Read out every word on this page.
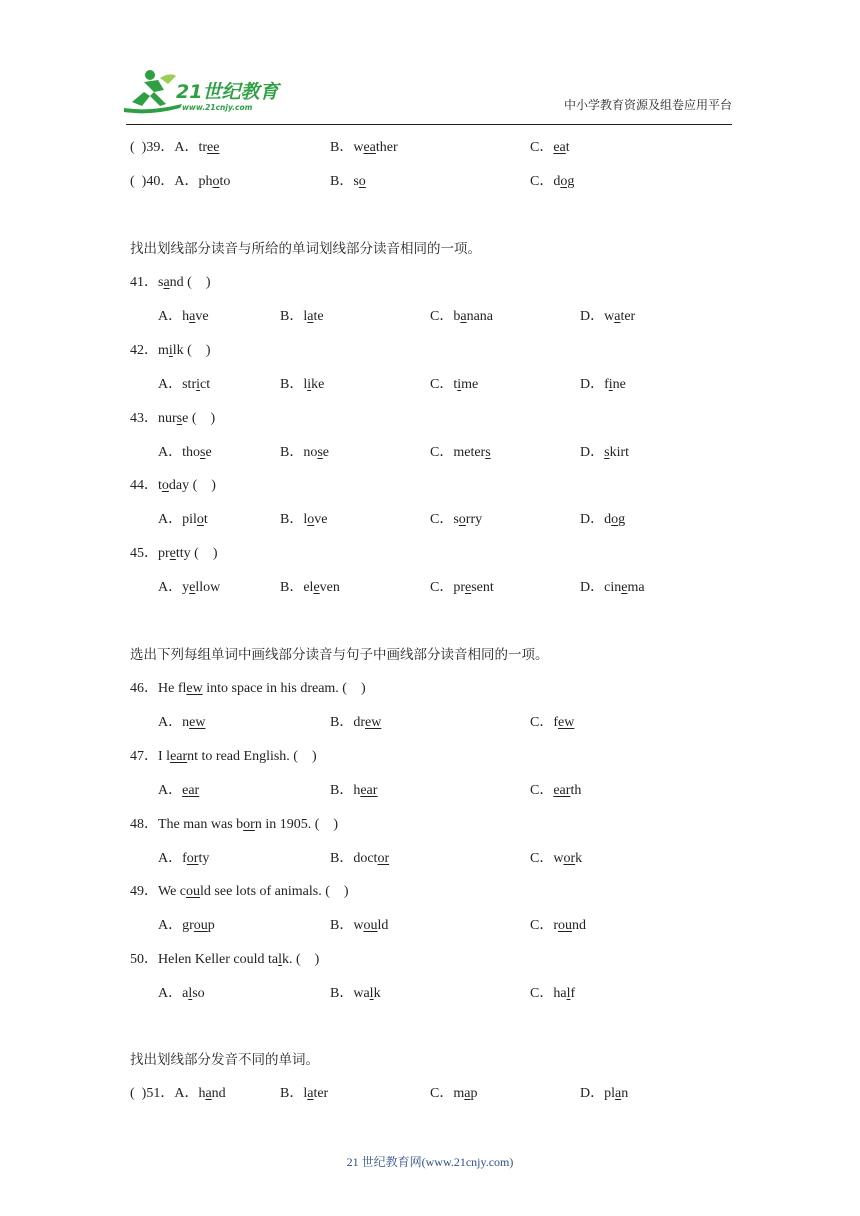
21世纪教育
www.21cnjy.com	中小学教育资源及组卷应用平台
( )39．A．tree	B．weather	C．eat
( )40．A．photo	B．so	C．dog
找出划线部分读音与所给的单词划线部分读音相同的一项。
选出下列每组单词中画线部分读音与句子中画线部分读音相同的一项。
找出划线部分发音不同的单词。
( )51．A．hand	B．later	C．map	D．plan
21 世纪教育网(www.21cnjy.com)
41．sand (　)
A．have	B．late	C．banana	D．water
42．milk (　)
A．strict	B．like	C．time	D．fine
43．nurse (　)
A．those	B．nose	C．meters	D．skirt
44．today (　)
A．pilot	B．love	C．sorry	D．dog
45．pretty (　)
A．yellow	B．eleven	C．present	D．cinema
46．He flew into space in his dream. (　)
A．new	B．drew	C．few
47．I learnt to read English. (　)
A．ear	B．hear	C．earth
48．The man was born in 1905. (　)
A．forty	B．doctor	C．work
49．We could see lots of animals. (　)
A．group	B．would	C．round
50．Helen Keller could talk. (　)
A．also	B．walk	C．half
